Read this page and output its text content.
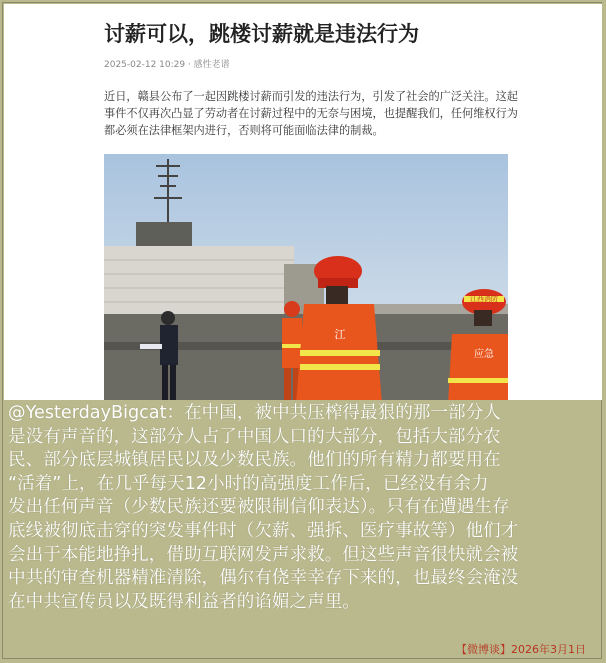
讨薪可以，跳楼讨薪就是违法行为
2025-02-12 10:29 · 感性老谱
近日，赣县公布了一起因跳楼讨薪而引发的违法行为，引发了社会的广泛关注。这起
事件不仅再次凸显了劳动者在讨薪过程中的无奈与困境，也提醒我们，任何维权行为
都必须在法律框架内进行，否则将可能面临法律的制裁。
江
应急
江西消防
@YesterdayBigcat：在中国，被中共压榨得最狠的那一部分人
是没有声音的，这部分人占了中国人口的大部分，包括大部分农
民、部分底层城镇居民以及少数民族。他们的所有精力都要用在
“活着”上，在几乎每天12小时的高强度工作后，已经没有余力
发出任何声音（少数民族还要被限制信仰表达）。只有在遭遇生存
底线被彻底击穿的突发事件时（欠薪、强拆、医疗事故等）他们才
会出于本能地挣扎，借助互联网发声求救。但这些声音很快就会被
中共的审查机器精准清除，偶尔有侥幸幸存下来的，也最终会淹没
在中共宣传员以及既得利益者的谄媚之声里。
【微博谈】2026年3月1日
